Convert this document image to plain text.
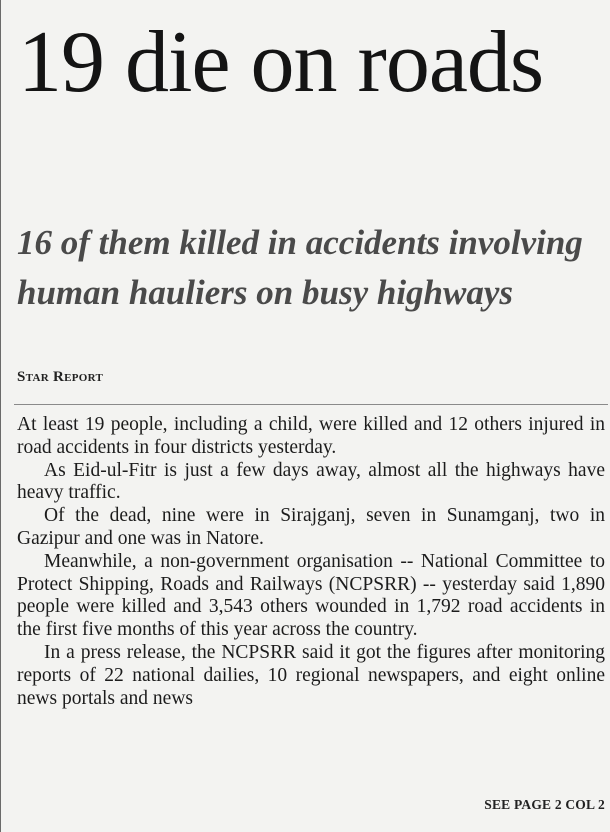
19 die on roads
16 of them killed in accidents involving human hauliers on busy highways
Star Report

At least 19 people, including a child, were killed and 12 others injured in road accidents in four districts yesterday.

As Eid-ul-Fitr is just a few days away, almost all the highways have heavy traffic.

Of the dead, nine were in Sirajganj, seven in Sunamganj, two in Gazipur and one was in Natore.

Meanwhile, a non-government organisation -- National Committee to Protect Shipping, Roads and Railways (NCPSRR) -- yesterday said 1,890 people were killed and 3,543 others wounded in 1,792 road accidents in the first five months of this year across the country.

In a press release, the NCPSRR said it got the figures after monitoring reports of 22 national dailies, 10 regional newspapers, and eight online news portals and news

SEE PAGE 2 COL 2
